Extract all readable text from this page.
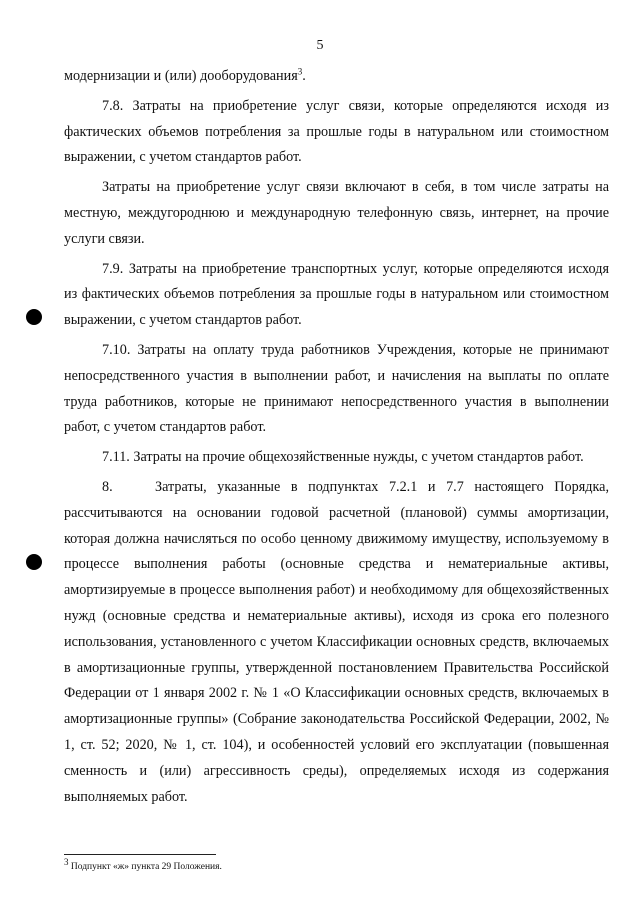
5

модернизации и (или) дооборудования$^3$.

7.8. Затраты на приобретение услуг связи, которые определяются исходя из фактических объемов потребления за прошлые годы в натуральном или стоимостном выражении, с учетом стандартов работ.

Затраты на приобретение услуг связи включают в себя, в том числе затраты на местную, междугороднюю и международную телефонную связь, интернет, на прочие услуги связи.

7.9. Затраты на приобретение транспортных услуг, которые определяются исходя из фактических объемов потребления за прошлые годы в натуральном или стоимостном выражении, с учетом стандартов работ.

7.10. Затраты на оплату труда работников Учреждения, которые не принимают непосредственного участия в выполнении работ, и начисления на выплаты по оплате труда работников, которые не принимают непосредственного участия в выполнении работ, с учетом стандартов работ.

7.11. Затраты на прочие общехозяйственные нужды, с учетом стандартов работ.

8.    Затраты, указанные в подпунктах 7.2.1 и 7.7 настоящего Порядка, рассчитываются на основании годовой расчетной (плановой) суммы амортизации, которая должна начисляться по особо ценному движимому имуществу, используемому в процессе выполнения работы (основные средства и нематериальные активы, амортизируемые в процессе выполнения работ) и необходимому для общехозяйственных нужд (основные средства и нематериальные активы), исходя из срока его полезного использования, установленного с учетом Классификации основных средств, включаемых в амортизационные группы, утвержденной постановлением Правительства Российской Федерации от 1 января 2002 г. № 1 «О Классификации основных средств, включаемых в амортизационные группы» (Собрание законодательства Российской Федерации, 2002, № 1, ст. 52; 2020, № 1, ст. 104), и особенностей условий его эксплуатации (повышенная сменность и (или) агрессивность среды), определяемых исходя из содержания выполняемых работ.

$^3$ Подпункт «ж» пункта 29 Положения.
